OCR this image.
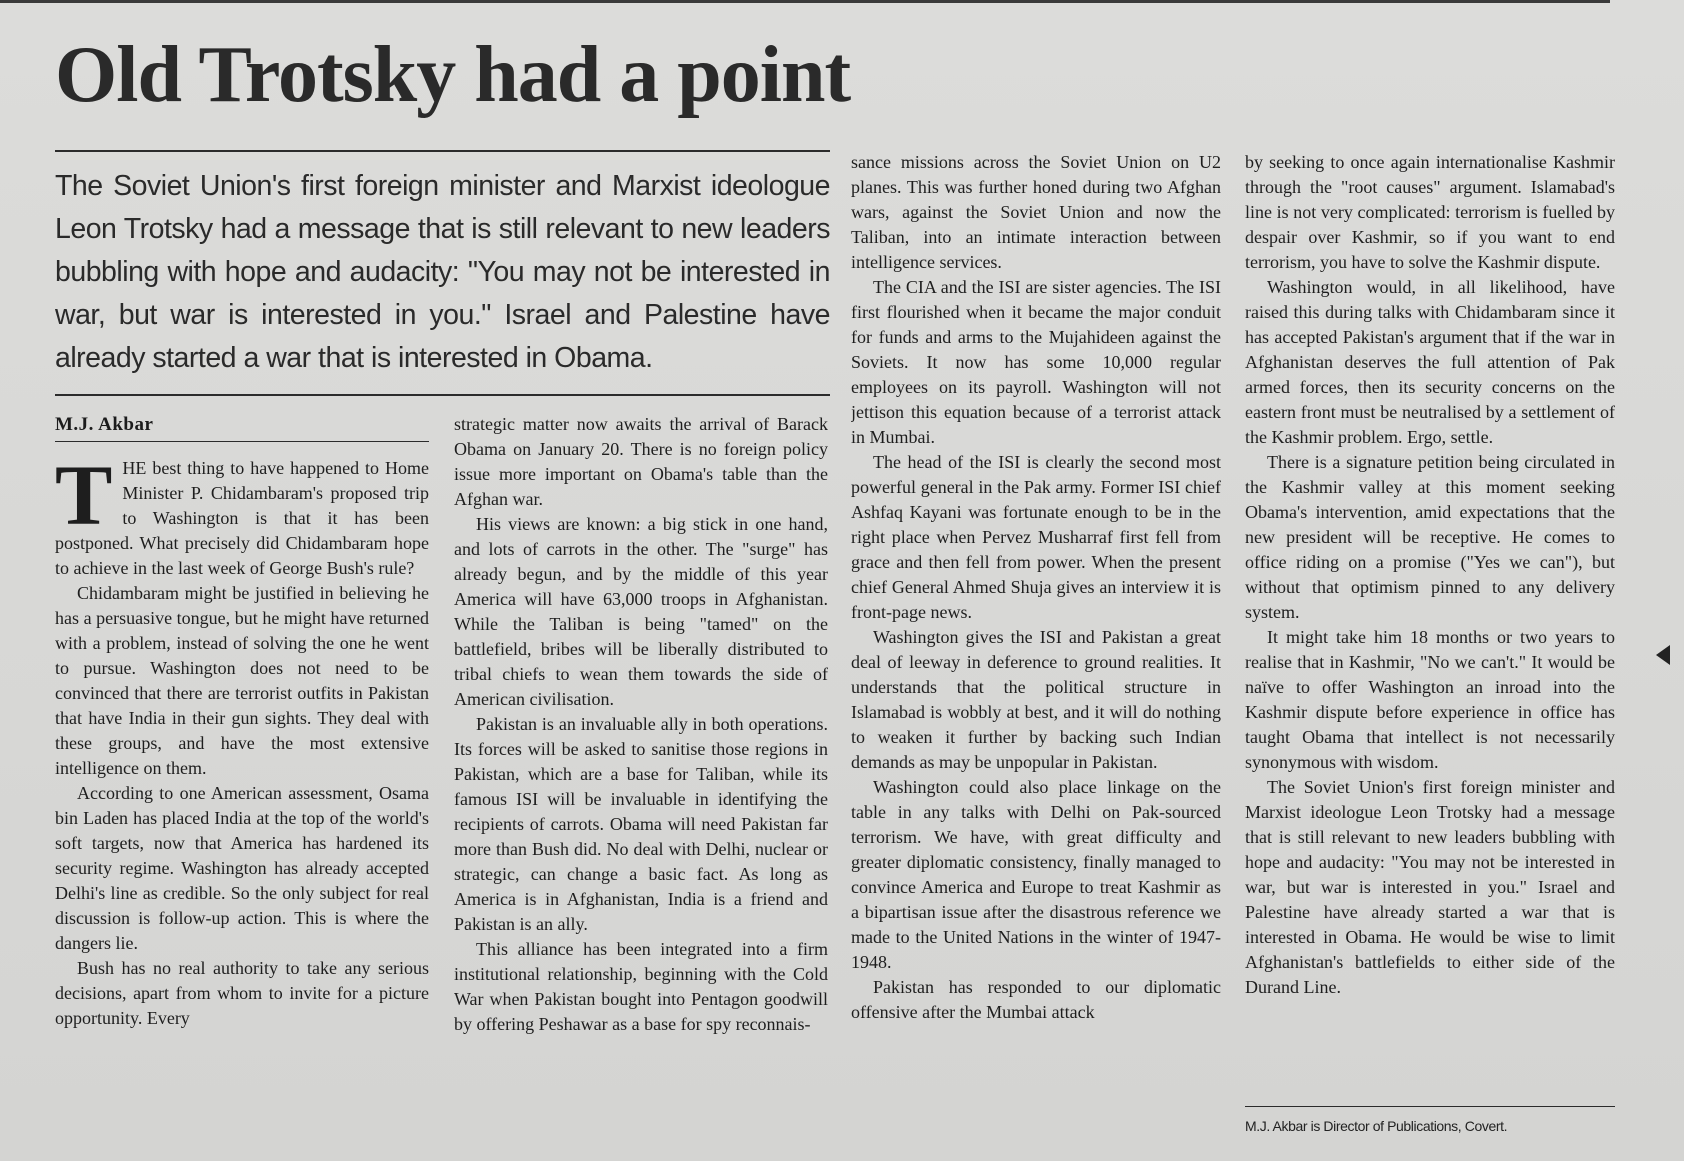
Old Trotsky had a point

The Soviet Union's first foreign minister and Marxist ideologue Leon Trotsky had a message that is still relevant to new leaders bubbling with hope and audacity: "You may not be interested in war, but war is interested in you." Israel and Palestine have already started a war that is interested in Obama.

M.J. Akbar

THE best thing to have happened to Home Minister P. Chidambaram's proposed trip to Washington is that it has been postponed. What precisely did Chidambaram hope to achieve in the last week of George Bush's rule?

Chidambaram might be justified in believing he has a persuasive tongue, but he might have returned with a problem, instead of solving the one he went to pursue. Washington does not need to be convinced that there are terrorist outfits in Pakistan that have India in their gun sights. They deal with these groups, and have the most extensive intelligence on them.

According to one American assessment, Osama bin Laden has placed India at the top of the world's soft targets, now that America has hardened its security regime. Washington has already accepted Delhi's line as credible. So the only subject for real discussion is follow-up action. This is where the dangers lie.

Bush has no real authority to take any serious decisions, apart from whom to invite for a picture opportunity. Every

strategic matter now awaits the arrival of Barack Obama on January 20. There is no foreign policy issue more important on Obama's table than the Afghan war.

His views are known: a big stick in one hand, and lots of carrots in the other. The "surge" has already begun, and by the middle of this year America will have 63,000 troops in Afghanistan. While the Taliban is being "tamed" on the battlefield, bribes will be liberally distributed to tribal chiefs to wean them towards the side of American civilisation.

Pakistan is an invaluable ally in both operations. Its forces will be asked to sanitise those regions in Pakistan, which are a base for Taliban, while its famous ISI will be invaluable in identifying the recipients of carrots. Obama will need Pakistan far more than Bush did. No deal with Delhi, nuclear or strategic, can change a basic fact. As long as America is in Afghanistan, India is a friend and Pakistan is an ally.

This alliance has been integrated into a firm institutional relationship, beginning with the Cold War when Pakistan bought into Pentagon goodwill by offering Peshawar as a base for spy reconnais-

sance missions across the Soviet Union on U2 planes. This was further honed during two Afghan wars, against the Soviet Union and now the Taliban, into an intimate interaction between intelligence services.

The CIA and the ISI are sister agencies. The ISI first flourished when it became the major conduit for funds and arms to the Mujahideen against the Soviets. It now has some 10,000 regular employees on its payroll. Washington will not jettison this equation because of a terrorist attack in Mumbai.

The head of the ISI is clearly the second most powerful general in the Pak army. Former ISI chief Ashfaq Kayani was fortunate enough to be in the right place when Pervez Musharraf first fell from grace and then fell from power. When the present chief General Ahmed Shuja gives an interview it is front-page news.

Washington gives the ISI and Pakistan a great deal of leeway in deference to ground realities. It understands that the political structure in Islamabad is wobbly at best, and it will do nothing to weaken it further by backing such Indian demands as may be unpopular in Pakistan.

Washington could also place linkage on the table in any talks with Delhi on Pak-sourced terrorism. We have, with great difficulty and greater diplomatic consistency, finally managed to convince America and Europe to treat Kashmir as a bipartisan issue after the disastrous reference we made to the United Nations in the winter of 1947-1948.

Pakistan has responded to our diplomatic offensive after the Mumbai attack

by seeking to once again internationalise Kashmir through the "root causes" argument. Islamabad's line is not very complicated: terrorism is fuelled by despair over Kashmir, so if you want to end terrorism, you have to solve the Kashmir dispute.

Washington would, in all likelihood, have raised this during talks with Chidambaram since it has accepted Pakistan's argument that if the war in Afghanistan deserves the full attention of Pak armed forces, then its security concerns on the eastern front must be neutralised by a settlement of the Kashmir problem. Ergo, settle.

There is a signature petition being circulated in the Kashmir valley at this moment seeking Obama's intervention, amid expectations that the new president will be receptive. He comes to office riding on a promise ("Yes we can"), but without that optimism pinned to any delivery system.

It might take him 18 months or two years to realise that in Kashmir, "No we can't." It would be naïve to offer Washington an inroad into the Kashmir dispute before experience in office has taught Obama that intellect is not necessarily synonymous with wisdom.

The Soviet Union's first foreign minister and Marxist ideologue Leon Trotsky had a message that is still relevant to new leaders bubbling with hope and audacity: "You may not be interested in war, but war is interested in you." Israel and Palestine have already started a war that is interested in Obama. He would be wise to limit Afghanistan's battlefields to either side of the Durand Line.

M.J. Akbar is Director of Publications, Covert.
